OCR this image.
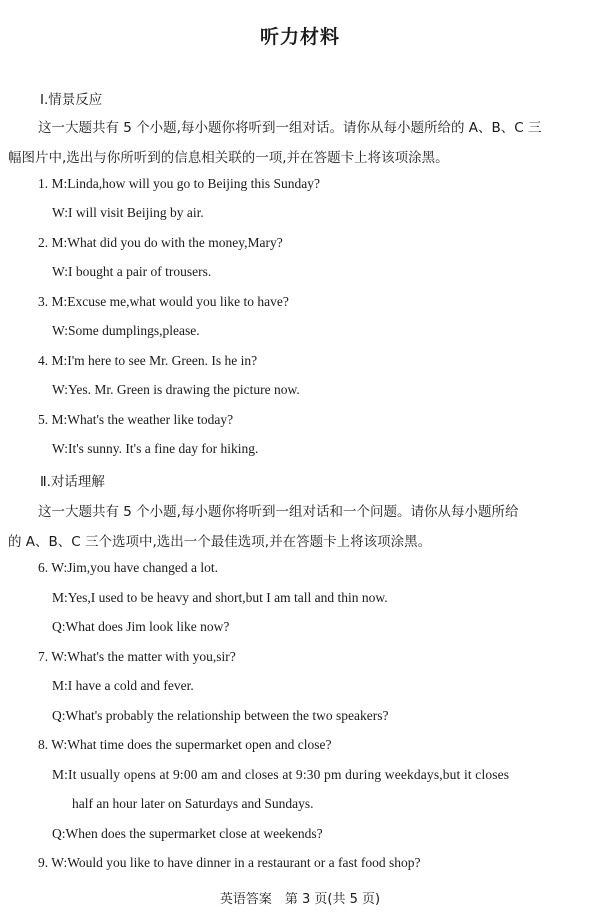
听力材料
Ⅰ.情景反应
这一大题共有 5 个小题,每小题你将听到一组对话。请你从每小题所给的 A、B、C 三
幅图片中,选出与你所听到的信息相关联的一项,并在答题卡上将该项涂黑。
1. M:Linda,how will you go to Beijing this Sunday?
W:I will visit Beijing by air.
2. M:What did you do with the money,Mary?
W:I bought a pair of trousers.
3. M:Excuse me,what would you like to have?
W:Some dumplings,please.
4. M:I'm here to see Mr. Green. Is he in?
W:Yes. Mr. Green is drawing the picture now.
5. M:What's the weather like today?
W:It's sunny. It's a fine day for hiking.
Ⅱ.对话理解
这一大题共有 5 个小题,每小题你将听到一组对话和一个问题。请你从每小题所给
的 A、B、C 三个选项中,选出一个最佳选项,并在答题卡上将该项涂黑。
6. W:Jim,you have changed a lot.
M:Yes,I used to be heavy and short,but I am tall and thin now.
Q:What does Jim look like now?
7. W:What's the matter with you,sir?
M:I have a cold and fever.
Q:What's probably the relationship between the two speakers?
8. W:What time does the supermarket open and close?
M:It usually opens at 9:00 am and closes at 9:30 pm during weekdays,but it closes
half an hour later on Saturdays and Sundays.
Q:When does the supermarket close at weekends?
9. W:Would you like to have dinner in a restaurant or a fast food shop?
英语答案　第 3 页(共 5 页)
